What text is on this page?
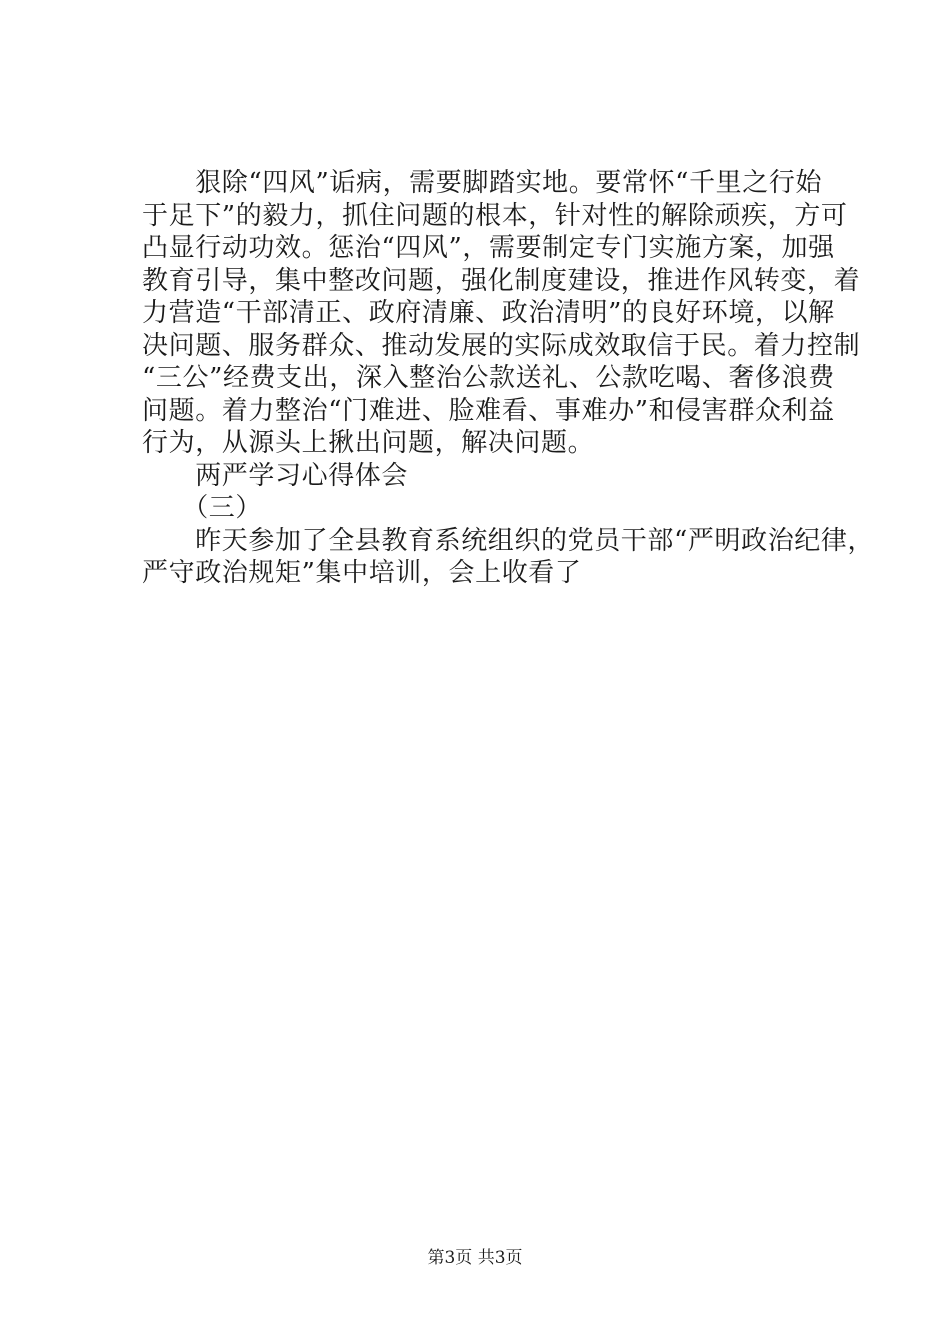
　　狠除“四风”诟病，需要脚踏实地。要常怀“千里之行始
于足下”的毅力，抓住问题的根本，针对性的解除顽疾，方可
凸显行动功效。惩治“四风”，需要制定专门实施方案，加强
教育引导，集中整改问题，强化制度建设，推进作风转变，着
力营造“干部清正、政府清廉、政治清明”的良好环境，以解
决问题、服务群众、推动发展的实际成效取信于民。着力控制
“三公”经费支出，深入整治公款送礼、公款吃喝、奢侈浪费
问题。着力整治“门难进、脸难看、事难办”和侵害群众利益
行为，从源头上揪出问题，解决问题。
　　两严学习心得体会
　　（三）
　　昨天参加了全县教育系统组织的党员干部“严明政治纪律，
严守政治规矩”集中培训，会上收看了
第3页 共3页
